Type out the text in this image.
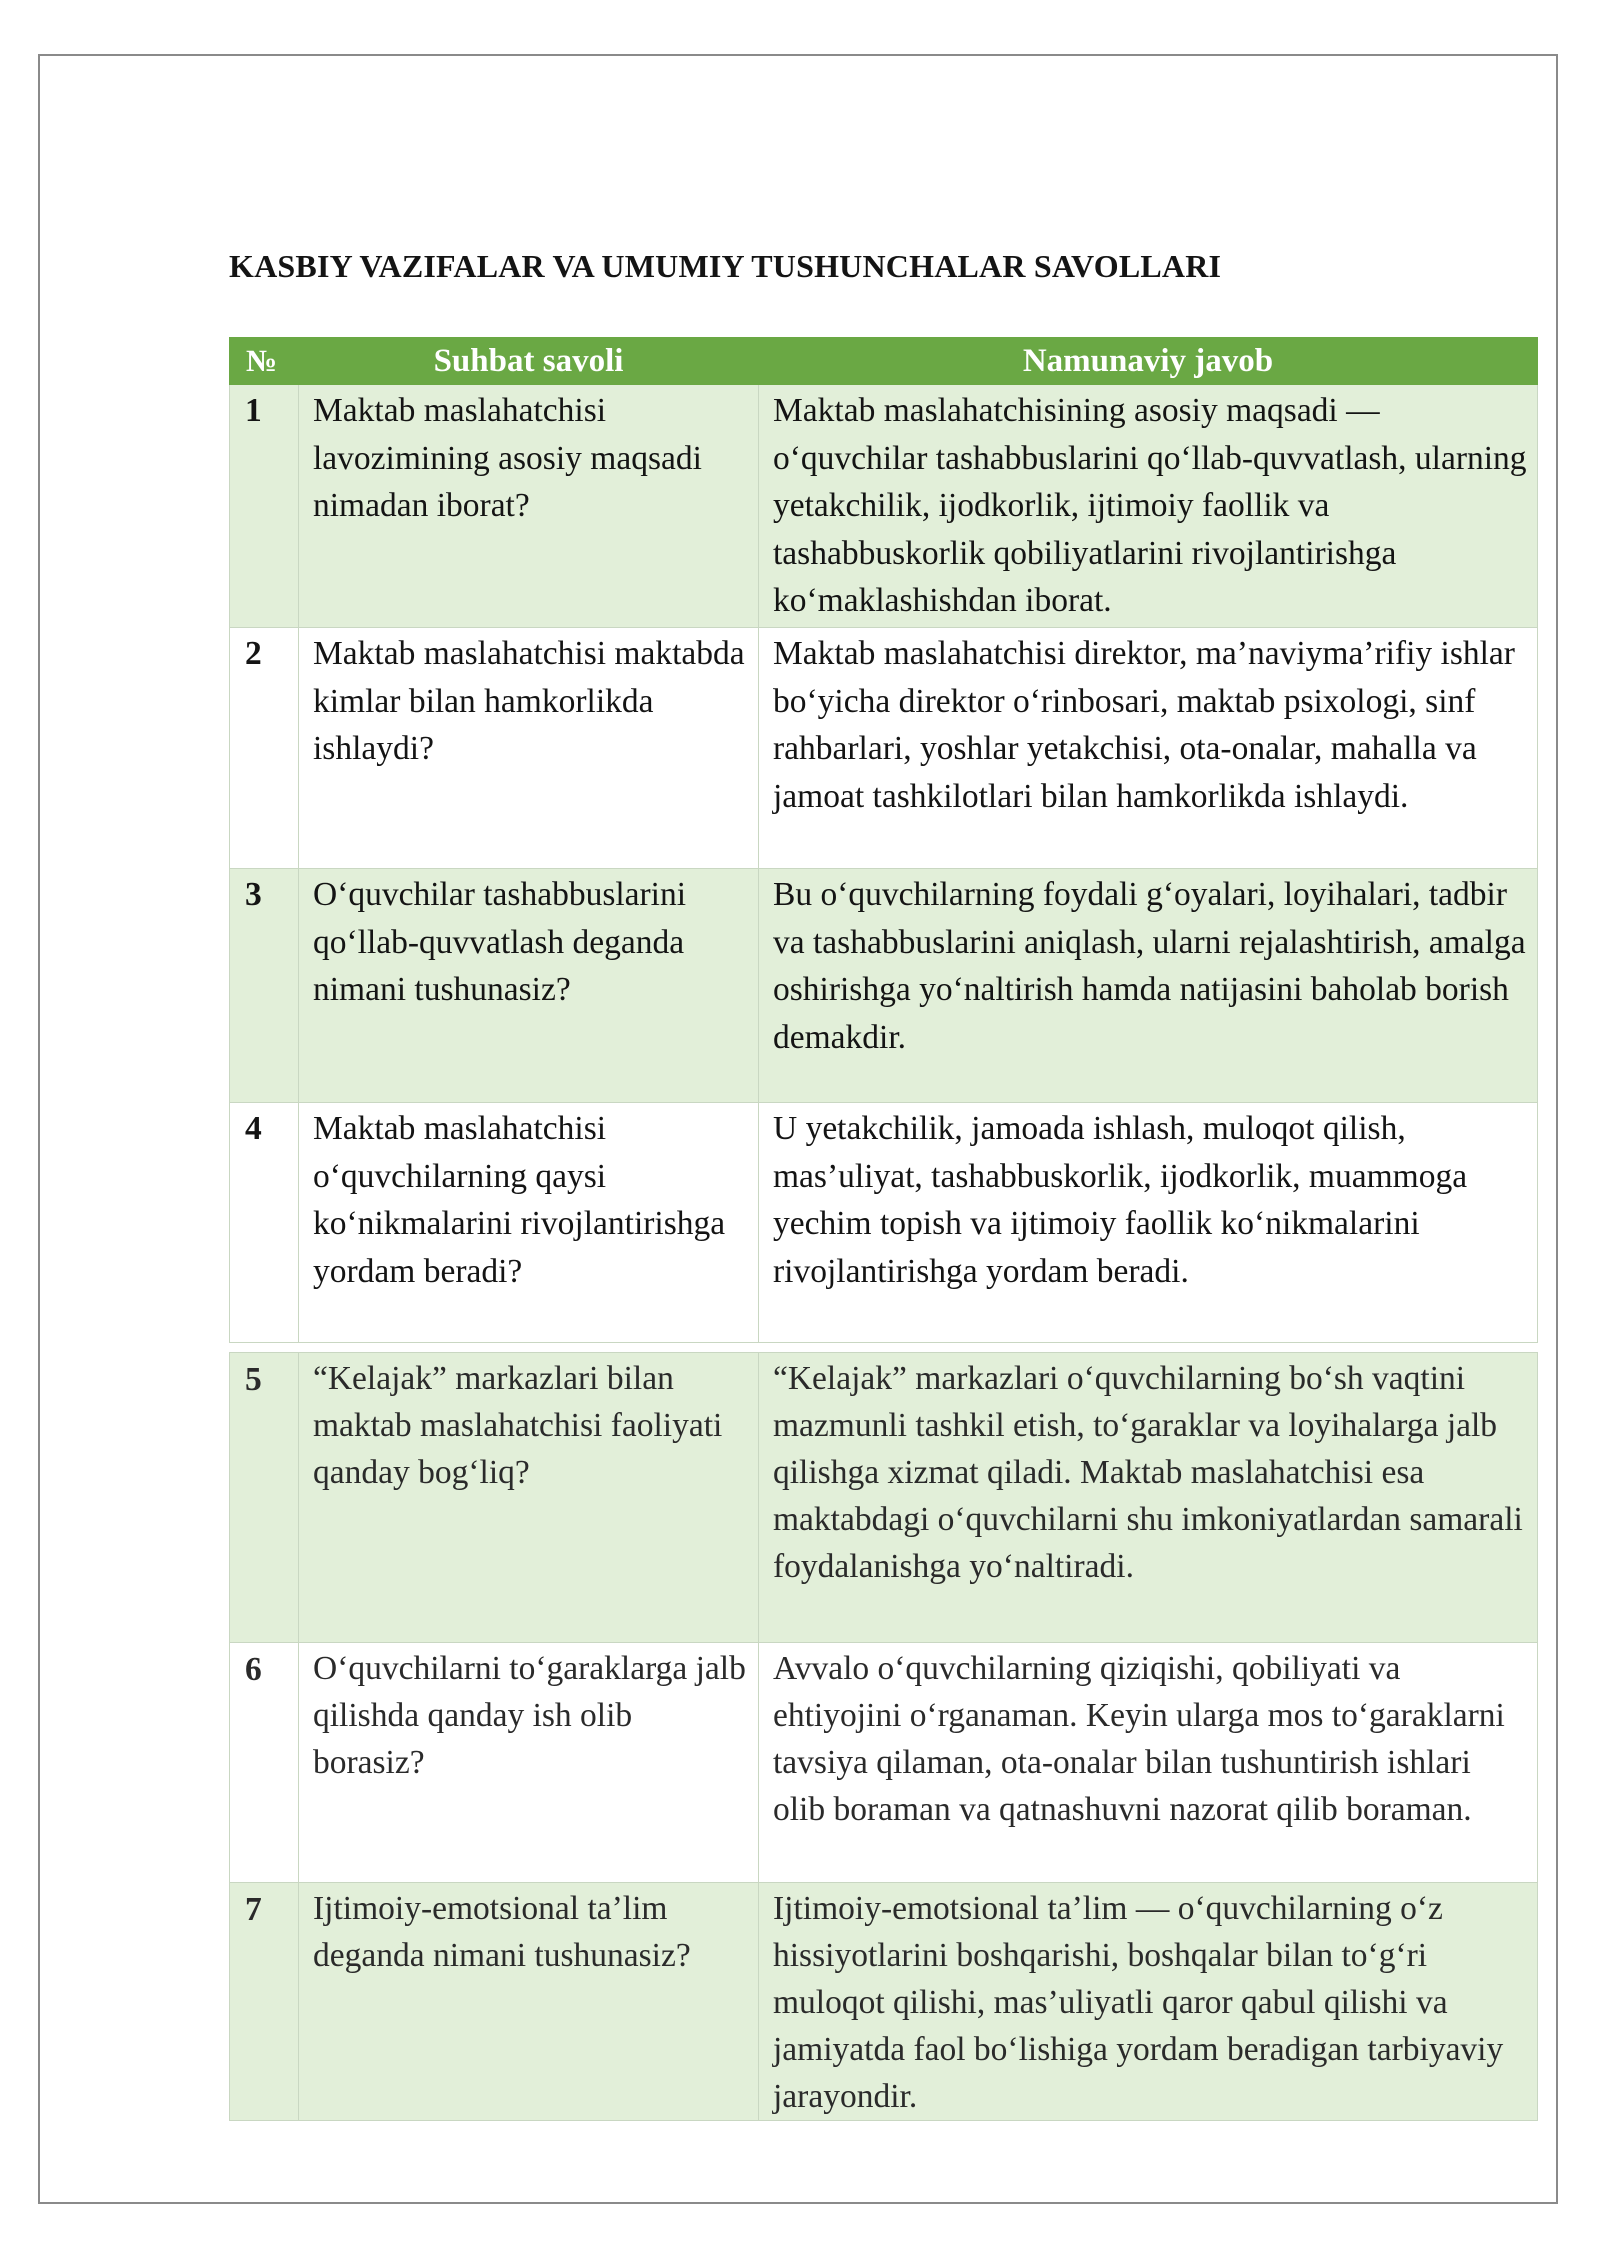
KASBIY VAZIFALAR VA UMUMIY TUSHUNCHALAR SAVOLLARI
№	Suhbat savoli	Namunaviy javob
1	Maktab maslahatchisi lavozimining asosiy maqsadi nimadan iborat?	Maktab maslahatchisining asosiy maqsadi — o‘quvchilar tashabbuslarini qo‘llab-quvvatlash, ularning yetakchilik, ijodkorlik, ijtimoiy faollik va tashabbuskorlik qobiliyatlarini rivojlantirishga ko‘maklashishdan iborat.
2	Maktab maslahatchisi maktabda kimlar bilan hamkorlikda ishlaydi?	Maktab maslahatchisi direktor, ma’naviyma’rifiy ishlar bo‘yicha direktor o‘rinbosari, maktab psixologi, sinf rahbarlari, yoshlar yetakchisi, ota-onalar, mahalla va jamoat tashkilotlari bilan hamkorlikda ishlaydi.
3	O‘quvchilar tashabbuslarini qo‘llab-quvvatlash deganda nimani tushunasiz?	Bu o‘quvchilarning foydali g‘oyalari, loyihalari, tadbir va tashabbuslarini aniqlash, ularni rejalashtirish, amalga oshirishga yo‘naltirish hamda natijasini baholab borish demakdir.
4	Maktab maslahatchisi o‘quvchilarning qaysi ko‘nikmalarini rivojlantirishga yordam beradi?	U yetakchilik, jamoada ishlash, muloqot qilish, mas’uliyat, tashabbuskorlik, ijodkorlik, muammoga yechim topish va ijtimoiy faollik ko‘nikmalarini rivojlantirishga yordam beradi.
5	“Kelajak” markazlari bilan maktab maslahatchisi faoliyati qanday bog‘liq?	“Kelajak” markazlari o‘quvchilarning bo‘sh vaqtini mazmunli tashkil etish, to‘garaklar va loyihalarga jalb qilishga xizmat qiladi. Maktab maslahatchisi esa maktabdagi o‘quvchilarni shu imkoniyatlardan samarali foydalanishga yo‘naltiradi.
6	O‘quvchilarni to‘garaklarga jalb qilishda qanday ish olib borasiz?	Avvalo o‘quvchilarning qiziqishi, qobiliyati va ehtiyojini o‘rganaman. Keyin ularga mos to‘garaklarni tavsiya qilaman, ota-onalar bilan tushuntirish ishlari olib boraman va qatnashuvni nazorat qilib boraman.
7	Ijtimoiy-emotsional ta’lim deganda nimani tushunasiz?	Ijtimoiy-emotsional ta’lim — o‘quvchilarning o‘z hissiyotlarini boshqarishi, boshqalar bilan to‘g‘ri muloqot qilishi, mas’uliyatli qaror qabul qilishi va jamiyatda faol bo‘lishiga yordam beradigan tarbiyaviy jarayondir.
